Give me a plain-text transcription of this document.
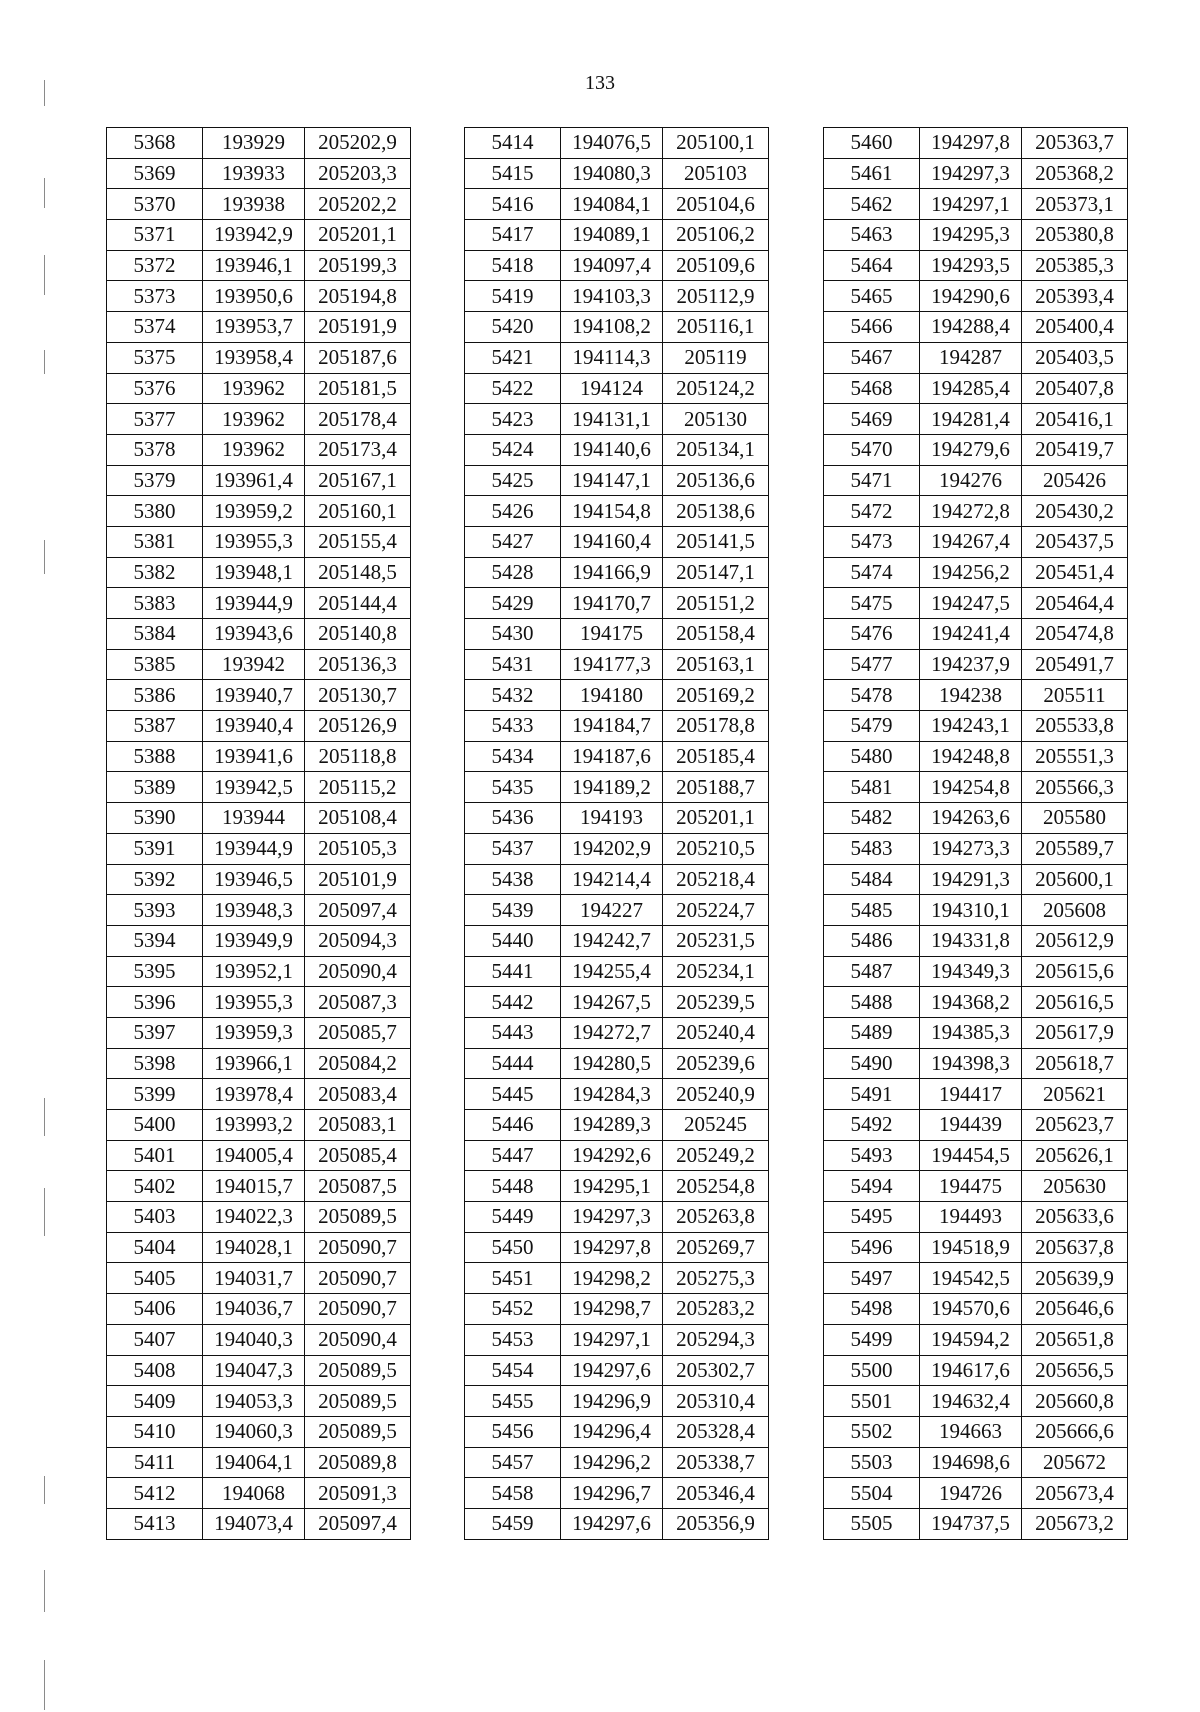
133
5368	193929	205202,9
5369	193933	205203,3
5370	193938	205202,2
5371	193942,9	205201,1
5372	193946,1	205199,3
5373	193950,6	205194,8
5374	193953,7	205191,9
5375	193958,4	205187,6
5376	193962	205181,5
5377	193962	205178,4
5378	193962	205173,4
5379	193961,4	205167,1
5380	193959,2	205160,1
5381	193955,3	205155,4
5382	193948,1	205148,5
5383	193944,9	205144,4
5384	193943,6	205140,8
5385	193942	205136,3
5386	193940,7	205130,7
5387	193940,4	205126,9
5388	193941,6	205118,8
5389	193942,5	205115,2
5390	193944	205108,4
5391	193944,9	205105,3
5392	193946,5	205101,9
5393	193948,3	205097,4
5394	193949,9	205094,3
5395	193952,1	205090,4
5396	193955,3	205087,3
5397	193959,3	205085,7
5398	193966,1	205084,2
5399	193978,4	205083,4
5400	193993,2	205083,1
5401	194005,4	205085,4
5402	194015,7	205087,5
5403	194022,3	205089,5
5404	194028,1	205090,7
5405	194031,7	205090,7
5406	194036,7	205090,7
5407	194040,3	205090,4
5408	194047,3	205089,5
5409	194053,3	205089,5
5410	194060,3	205089,5
5411	194064,1	205089,8
5412	194068	205091,3
5413	194073,4	205097,4
5414	194076,5	205100,1
5415	194080,3	205103
5416	194084,1	205104,6
5417	194089,1	205106,2
5418	194097,4	205109,6
5419	194103,3	205112,9
5420	194108,2	205116,1
5421	194114,3	205119
5422	194124	205124,2
5423	194131,1	205130
5424	194140,6	205134,1
5425	194147,1	205136,6
5426	194154,8	205138,6
5427	194160,4	205141,5
5428	194166,9	205147,1
5429	194170,7	205151,2
5430	194175	205158,4
5431	194177,3	205163,1
5432	194180	205169,2
5433	194184,7	205178,8
5434	194187,6	205185,4
5435	194189,2	205188,7
5436	194193	205201,1
5437	194202,9	205210,5
5438	194214,4	205218,4
5439	194227	205224,7
5440	194242,7	205231,5
5441	194255,4	205234,1
5442	194267,5	205239,5
5443	194272,7	205240,4
5444	194280,5	205239,6
5445	194284,3	205240,9
5446	194289,3	205245
5447	194292,6	205249,2
5448	194295,1	205254,8
5449	194297,3	205263,8
5450	194297,8	205269,7
5451	194298,2	205275,3
5452	194298,7	205283,2
5453	194297,1	205294,3
5454	194297,6	205302,7
5455	194296,9	205310,4
5456	194296,4	205328,4
5457	194296,2	205338,7
5458	194296,7	205346,4
5459	194297,6	205356,9
5460	194297,8	205363,7
5461	194297,3	205368,2
5462	194297,1	205373,1
5463	194295,3	205380,8
5464	194293,5	205385,3
5465	194290,6	205393,4
5466	194288,4	205400,4
5467	194287	205403,5
5468	194285,4	205407,8
5469	194281,4	205416,1
5470	194279,6	205419,7
5471	194276	205426
5472	194272,8	205430,2
5473	194267,4	205437,5
5474	194256,2	205451,4
5475	194247,5	205464,4
5476	194241,4	205474,8
5477	194237,9	205491,7
5478	194238	205511
5479	194243,1	205533,8
5480	194248,8	205551,3
5481	194254,8	205566,3
5482	194263,6	205580
5483	194273,3	205589,7
5484	194291,3	205600,1
5485	194310,1	205608
5486	194331,8	205612,9
5487	194349,3	205615,6
5488	194368,2	205616,5
5489	194385,3	205617,9
5490	194398,3	205618,7
5491	194417	205621
5492	194439	205623,7
5493	194454,5	205626,1
5494	194475	205630
5495	194493	205633,6
5496	194518,9	205637,8
5497	194542,5	205639,9
5498	194570,6	205646,6
5499	194594,2	205651,8
5500	194617,6	205656,5
5501	194632,4	205660,8
5502	194663	205666,6
5503	194698,6	205672
5504	194726	205673,4
5505	194737,5	205673,2
